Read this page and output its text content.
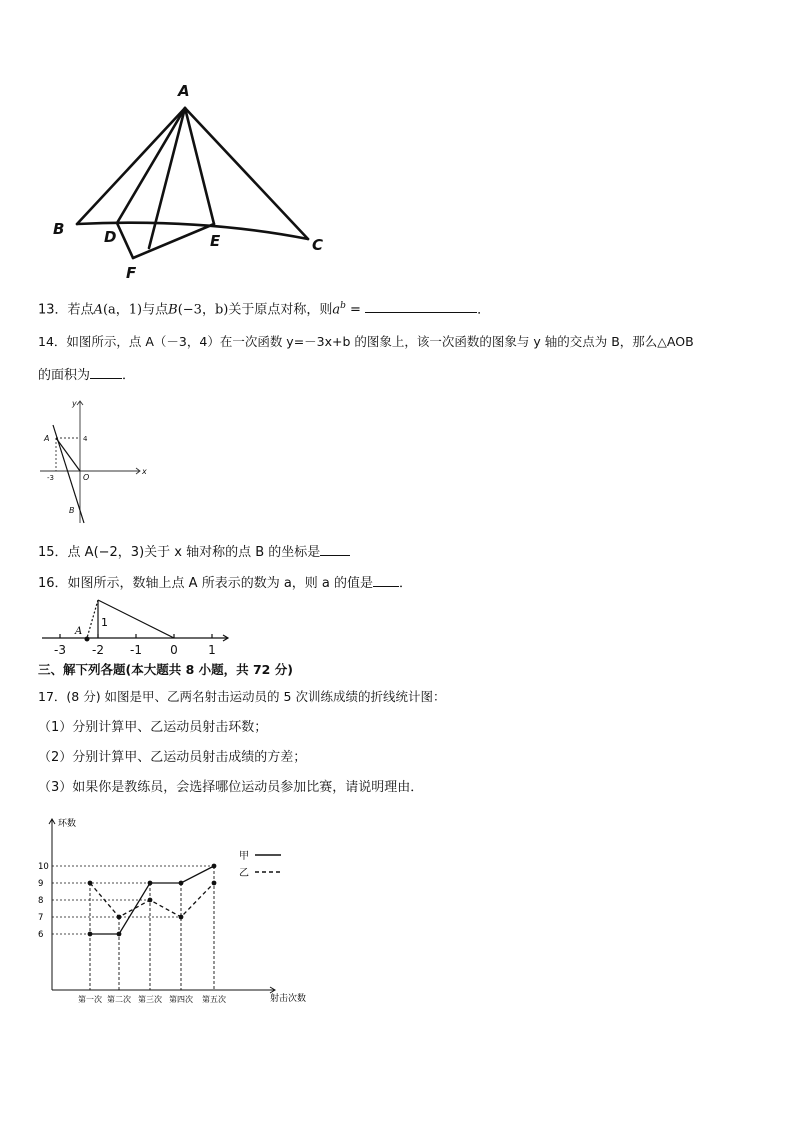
A
B	D	E	C
F
13．若点A(a，1)与点B(−3，b)关于原点对称，则$a^b$ =	．
14．如图所示，点 A（－3，4）在一次函数 y=－3x+b 的图象上，该一次函数的图象与 y 轴的交点为 B，那么△AOB
的面积为 ．
y
x
A
B
O
4
-3
15．点 A(−2，3)关于 x 轴对称的点 B 的坐标是
16．如图所示，数轴上点 A 所表示的数为 a，则 a 的值是 ．
A
1
-3 -2 -1 0	1
三、解下列各题(本大题共 8 小题，共 72 分)
17．(8 分) 如图是甲、乙两名射击运动员的 5 次训练成绩的折线统计图：
（1）分别计算甲、乙运动员射击环数；
（2）分别计算甲、乙运动员射击成绩的方差；
（3）如果你是教练员，会选择哪位运动员参加比赛，请说明理由．
环数
射击次数
6
7
8
9
10
第一次 第二次 第三次 第四次 第五次
甲
乙
